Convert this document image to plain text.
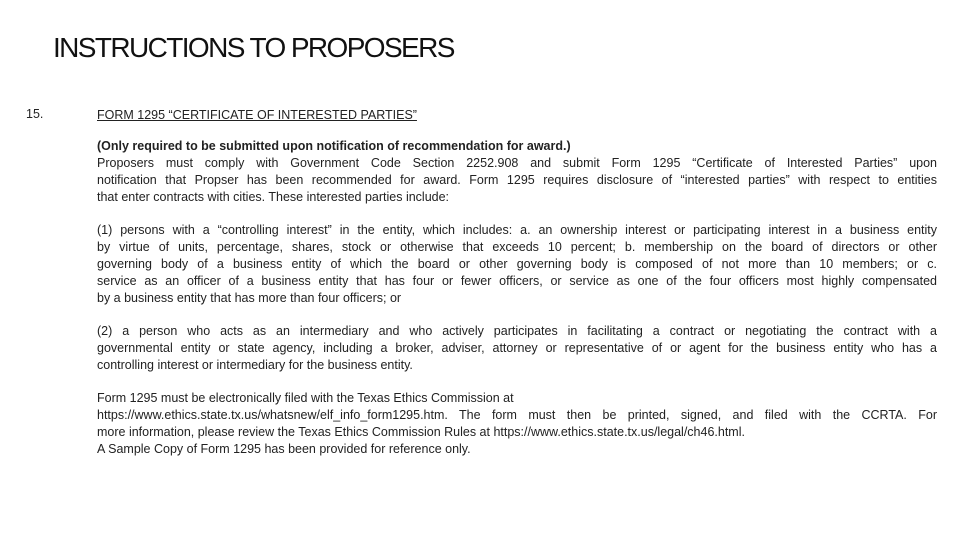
INSTRUCTIONS TO PROPOSERS
15.	FORM 1295 “CERTIFICATE OF INTERESTED PARTIES”

(Only required to be submitted upon notification of recommendation for award.)

Proposers must comply with Government Code Section 2252.908 and submit Form 1295 “Certificate of Interested Parties” upon
notification that Propser has been recommended for award. Form 1295 requires disclosure of “interested parties” with respect to entities
that enter contracts with cities. These interested parties include:

(1) persons with a “controlling interest” in the entity, which includes: a. an ownership interest or participating interest in a business entity
by virtue of units, percentage, shares, stock or otherwise that exceeds 10 percent; b. membership on the board of directors or other
governing body of a business entity of which the board or other governing body is composed of not more than 10 members; or c.
service as an officer of a business entity that has four or fewer officers, or service as one of the four officers most highly compensated
by a business entity that has more than four officers; or

(2) a person who acts as an intermediary and who actively participates in facilitating a contract or negotiating the contract with a
governmental entity or state agency, including a broker, adviser, attorney or representative of or agent for the business entity who has a
controlling interest or intermediary for the business entity.

Form 1295 must be electronically filed with the Texas Ethics Commission at
https://www.ethics.state.tx.us/whatsnew/elf_info_form1295.htm. The form must then be printed, signed, and filed with the CCRTA. For
more information, please review the Texas Ethics Commission Rules at https://www.ethics.state.tx.us/legal/ch46.html.
A Sample Copy of Form 1295 has been provided for reference only.
